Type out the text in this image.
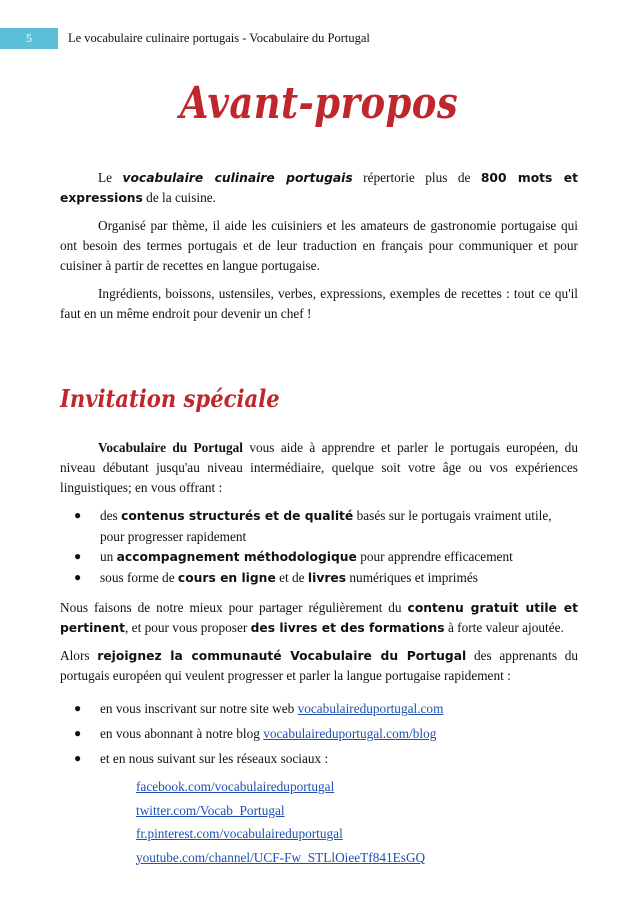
5	Le vocabulaire culinaire portugais - Vocabulaire du Portugal
Avant-propos

Le vocabulaire culinaire portugais répertorie plus de 800 mots et expressions de la cuisine.

Organisé par thème, il aide les cuisiniers et les amateurs de gastronomie portugaise qui ont besoin des termes portugais et de leur traduction en français pour communiquer et pour cuisiner à partir de recettes en langue portugaise.

Ingrédients, boissons, ustensiles, verbes, expressions, exemples de recettes : tout ce qu'il faut en un même endroit pour devenir un chef !

Invitation spéciale

Vocabulaire du Portugal vous aide à apprendre et parler le portugais européen, du niveau débutant jusqu'au niveau intermédiaire, quelque soit votre âge ou vos expériences linguistiques; en vous offrant :

● des contenus structurés et de qualité basés sur le portugais vraiment utile, pour progresser rapidement
● un accompagnement méthodologique pour apprendre efficacement
● sous forme de cours en ligne et de livres numériques et imprimés

Nous faisons de notre mieux pour partager régulièrement du contenu gratuit utile et pertinent, et pour vous proposer des livres et des formations à forte valeur ajoutée.

Alors rejoignez la communauté Vocabulaire du Portugal des apprenants du portugais européen qui veulent progresser et parler la langue portugaise rapidement :

● en vous inscrivant sur notre site web vocabulaireduportugal.com
● en vous abonnant à notre blog vocabulaireduportugal.com/blog
● et en nous suivant sur les réseaux sociaux :
facebook.com/vocabulaireduportugal
twitter.com/Vocab_Portugal
fr.pinterest.com/vocabulaireduportugal
youtube.com/channel/UCF-Fw_STLlOieeTf841EsGQ
